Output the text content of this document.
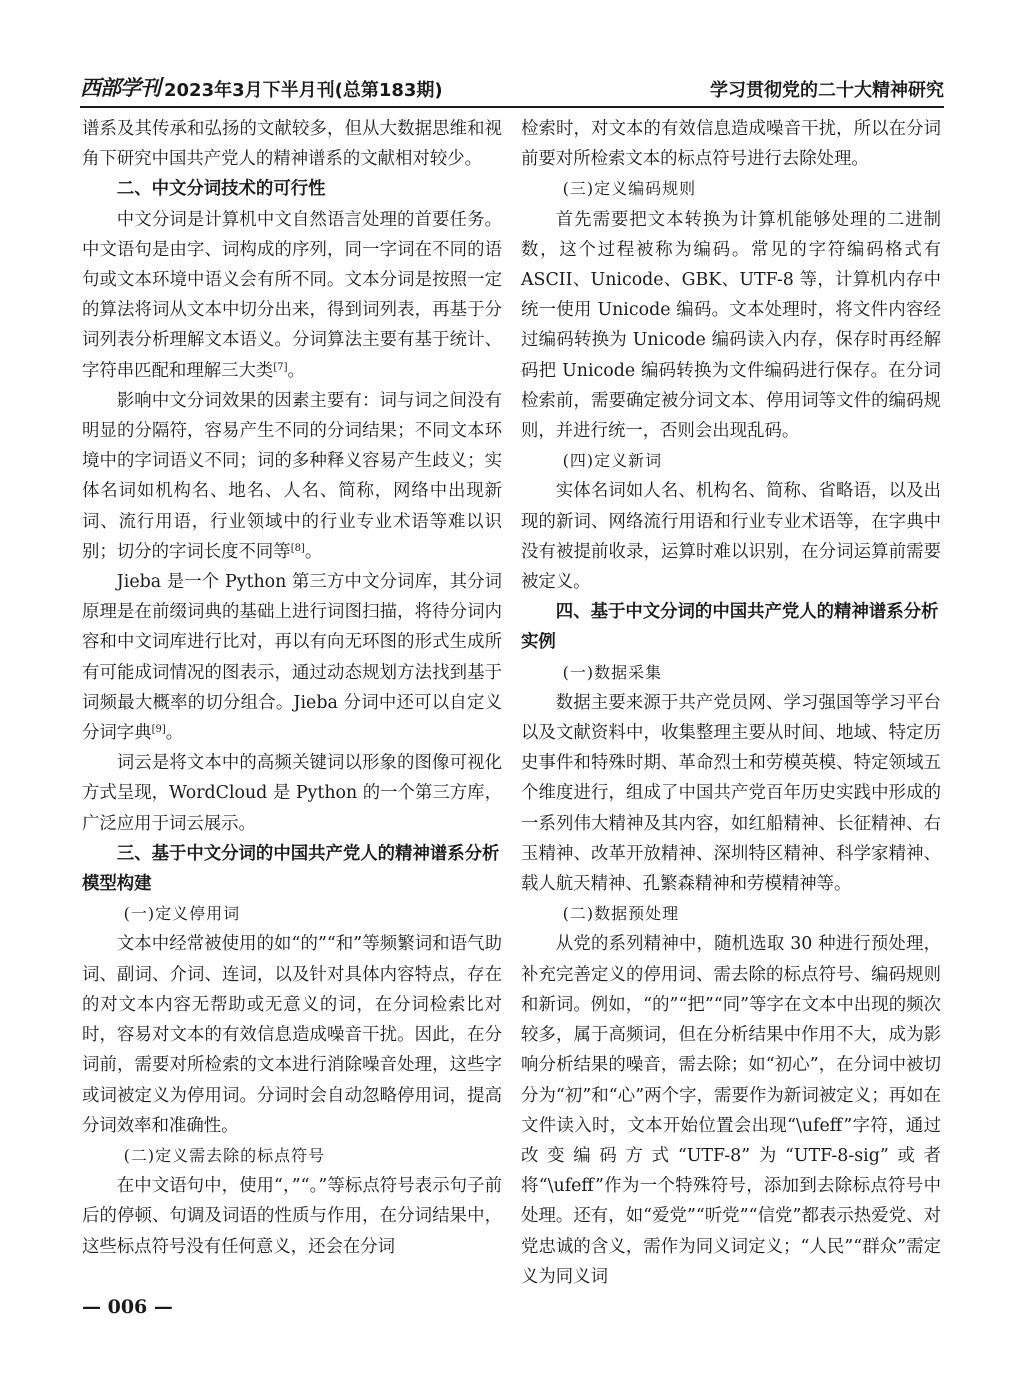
西部学刊 2023年3月下半月刊(总第183期)	学习贯彻党的二十大精神研究

谱系及其传承和弘扬的文献较多，但从大数据思维和视角下研究中国共产党人的精神谱系的文献相对较少。

二、中文分词技术的可行性

中文分词是计算机中文自然语言处理的首要任务。中文语句是由字、词构成的序列，同一字词在不同的语句或文本环境中语义会有所不同。文本分词是按照一定的算法将词从文本中切分出来，得到词列表，再基于分词列表分析理解文本语义。分词算法主要有基于统计、字符串匹配和理解三大类[7]。

影响中文分词效果的因素主要有：词与词之间没有明显的分隔符，容易产生不同的分词结果；不同文本环境中的字词语义不同；词的多种释义容易产生歧义；实体名词如机构名、地名、人名、简称，网络中出现新词、流行用语，行业领域中的行业专业术语等难以识别；切分的字词长度不同等[8]。

Jieba 是一个 Python 第三方中文分词库，其分词原理是在前缀词典的基础上进行词图扫描，将待分词内容和中文词库进行比对，再以有向无环图的形式生成所有可能成词情况的图表示，通过动态规划方法找到基于词频最大概率的切分组合。Jieba 分词中还可以自定义分词字典[9]。

词云是将文本中的高频关键词以形象的图像可视化方式呈现，WordCloud 是 Python 的一个第三方库，广泛应用于词云展示。

三、基于中文分词的中国共产党人的精神谱系分析模型构建
(一)定义停用词

文本中经常被使用的如“的”“和”等频繁词和语气助词、副词、介词、连词，以及针对具体内容特点，存在的对文本内容无帮助或无意义的词，在分词检索比对时，容易对文本的有效信息造成噪音干扰。因此，在分词前，需要对所检索的文本进行消除噪音处理，这些字或词被定义为停用词。分词时会自动忽略停用词，提高分词效率和准确性。

(二)定义需去除的标点符号

在中文语句中，使用“，”“。”等标点符号表示句子前后的停顿、句调及词语的性质与作用，在分词结果中，这些标点符号没有任何意义，还会在分词

检索时，对文本的有效信息造成噪音干扰，所以在分词前要对所检索文本的标点符号进行去除处理。

(三)定义编码规则

首先需要把文本转换为计算机能够处理的二进制数，这个过程被称为编码。常见的字符编码格式有 ASCII、Unicode、GBK、UTF-8 等，计算机内存中统一使用 Unicode 编码。文本处理时，将文件内容经过编码转换为 Unicode 编码读入内存，保存时再经解码把 Unicode 编码转换为文件编码进行保存。在分词检索前，需要确定被分词文本、停用词等文件的编码规则，并进行统一，否则会出现乱码。

(四)定义新词

实体名词如人名、机构名、简称、省略语，以及出现的新词、网络流行用语和行业专业术语等，在字典中没有被提前收录，运算时难以识别，在分词运算前需要被定义。

四、基于中文分词的中国共产党人的精神谱系分析实例
(一)数据采集

数据主要来源于共产党员网、学习强国等学习平台以及文献资料中，收集整理主要从时间、地域、特定历史事件和特殊时期、革命烈士和劳模英模、特定领域五个维度进行，组成了中国共产党百年历史实践中形成的一系列伟大精神及其内容，如红船精神、长征精神、右玉精神、改革开放精神、深圳特区精神、科学家精神、载人航天精神、孔繁森精神和劳模精神等。

(二)数据预处理

从党的系列精神中，随机选取 30 种进行预处理，补充完善定义的停用词、需去除的标点符号、编码规则和新词。例如，“的”“把”“同”等字在文本中出现的频次较多，属于高频词，但在分析结果中作用不大，成为影响分析结果的噪音，需去除；如“初心”，在分词中被切分为“初”和“心”两个字，需要作为新词被定义；再如在文件读入时，文本开始位置会出现“\ufeff”字符，通过改变编码方式“UTF-8”为“UTF-8-sig”或者将“\ufeff”作为一个特殊符号，添加到去除标点符号中处理。还有，如“爱党”“听党”“信党”都表示热爱党、对党忠诚的含义，需作为同义词定义；“人民”“群众”需定义为同义词

— 006 —
